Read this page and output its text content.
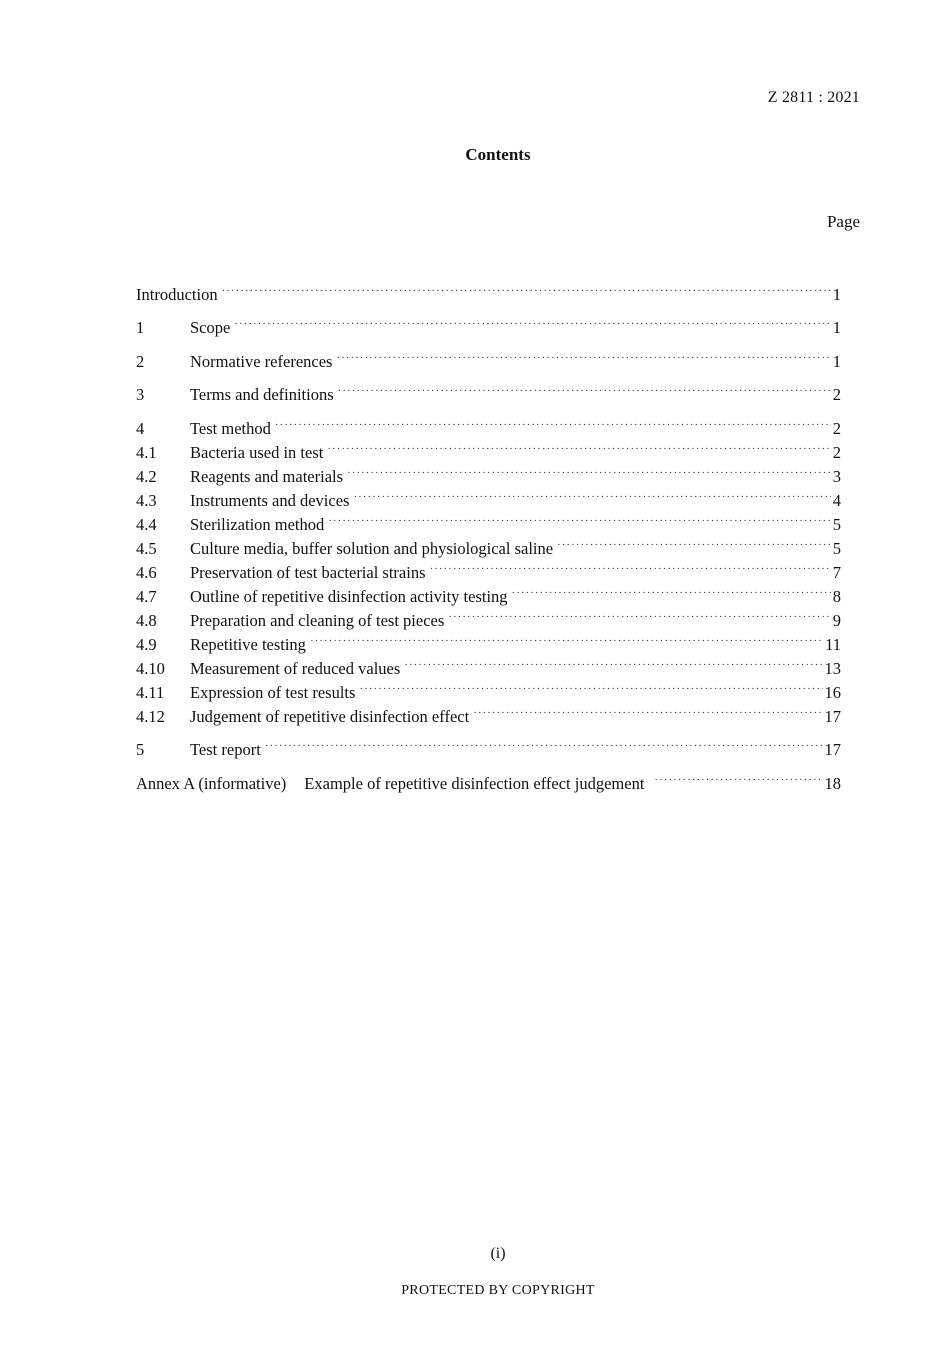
Z 2811 : 2021
Contents
Page
Introduction ·····	1
1	Scope ·····	1
2	Normative references ·····	1
3	Terms and definitions ·····	2
4	Test method ·····	2
4.1	Bacteria used in test ·····	2
4.2	Reagents and materials ·····	3
4.3	Instruments and devices ·····	4
4.4	Sterilization method ·····	5
4.5	Culture media, buffer solution and physiological saline ·····	5
4.6	Preservation of test bacterial strains ·····	7
4.7	Outline of repetitive disinfection activity testing ·····	8
4.8	Preparation and cleaning of test pieces ·····	9
4.9	Repetitive testing ·····	11
4.10	Measurement of reduced values ·····	13
4.11	Expression of test results ·····	16
4.12	Judgement of repetitive disinfection effect ·····	17
5	Test report ·····	17
Annex A (informative) Example of repetitive disinfection effect judgement ·····	18
(i)
PROTECTED BY COPYRIGHT
